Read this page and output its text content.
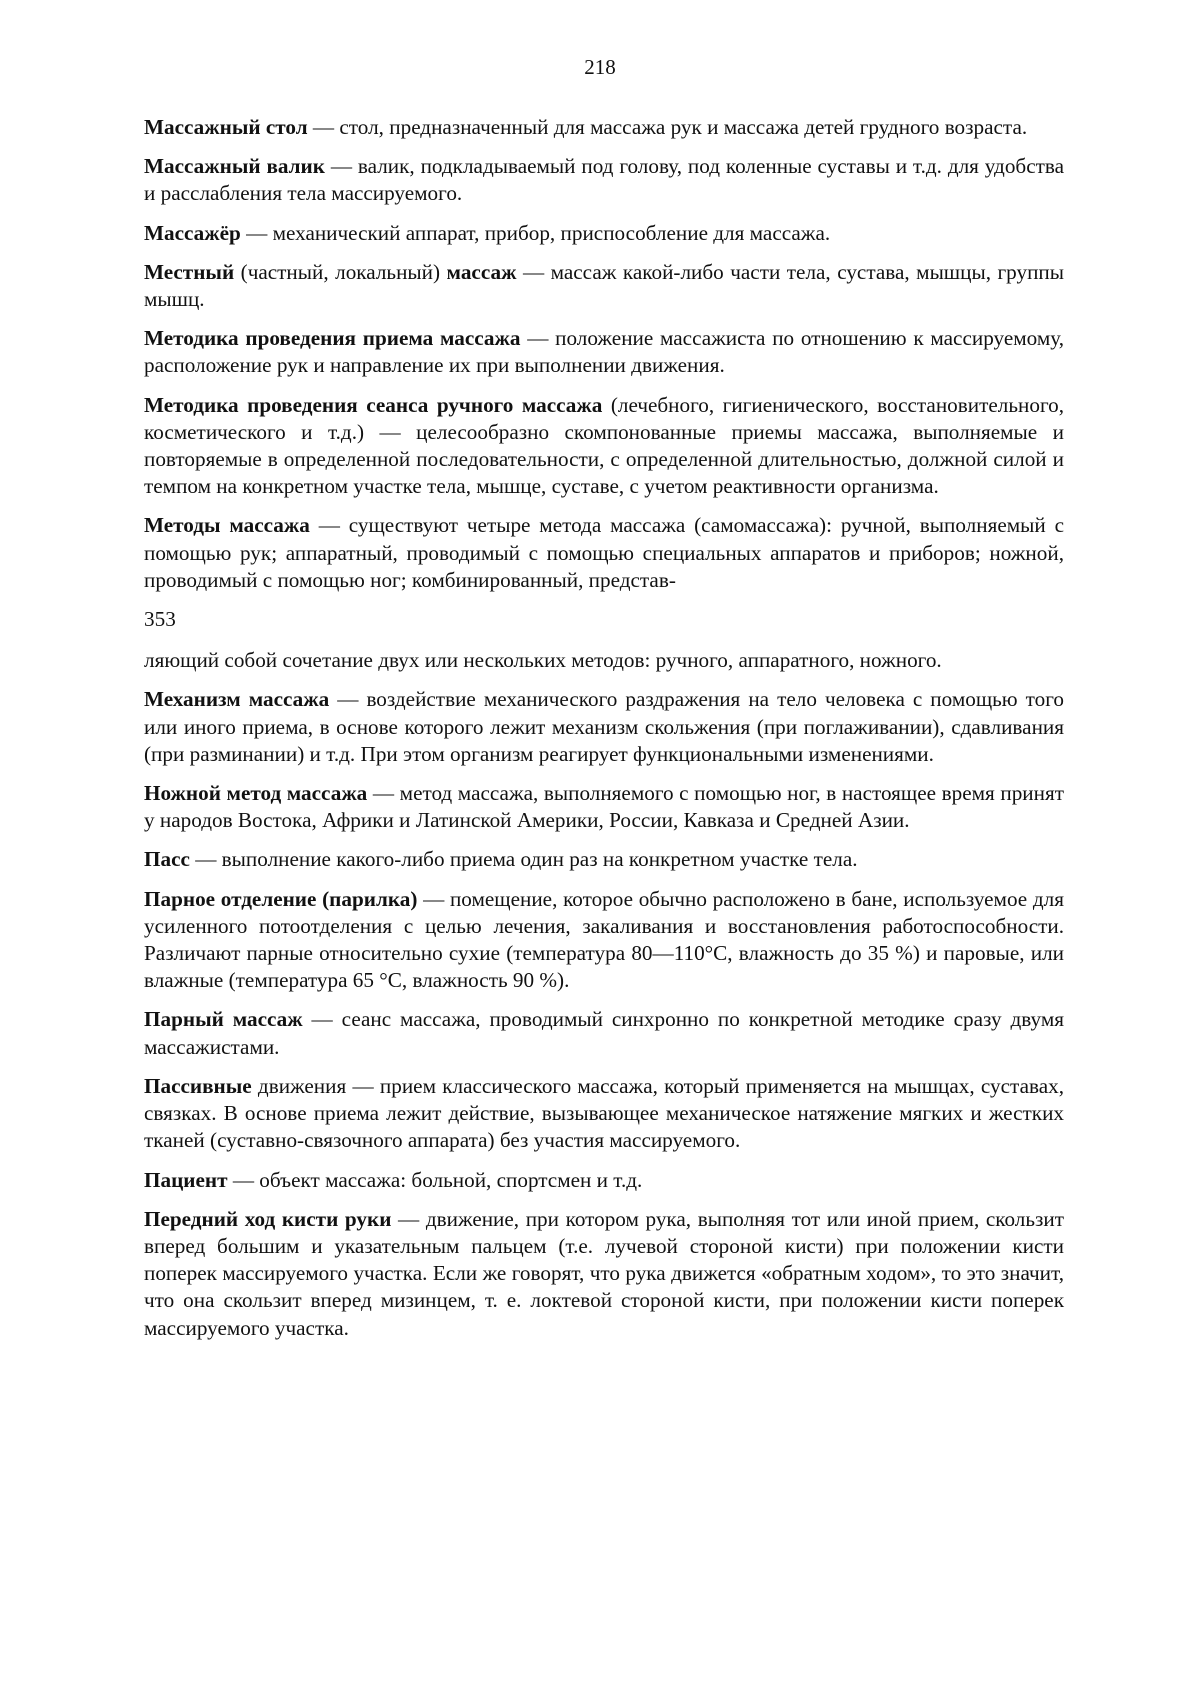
218

Массажный стол — стол, предназначенный для массажа рук и массажа детей грудного возраста.

Массажный валик — валик, подкладываемый под голову, под коленные суставы и т.д. для удобства и расслабления тела массируемого.

Массажёр — механический аппарат, прибор, приспособление для массажа.

Местный (частный, локальный) массаж — массаж какой-либо части тела, сустава, мышцы, группы мышц.

Методика проведения приема массажа — положение массажиста по отношению к массируемому, расположение рук и направление их при выполнении движения.

Методика проведения сеанса ручного массажа (лечебного, гигиенического, восстановительного, косметического и т.д.) — целесообразно скомпонованные приемы массажа, выполняемые и повторяемые в определенной последовательности, с определенной длительностью, должной силой и темпом на конкретном участке тела, мышце, суставе, с учетом реактивности организма.

Методы массажа — существуют четыре метода массажа (самомассажа): ручной, выполняемый с помощью рук; аппаратный, проводимый с помощью специальных аппаратов и приборов; ножной, проводимый с помощью ног; комбинированный, представ-

353

ляющий собой сочетание двух или нескольких методов: ручного, аппаратного, ножного.

Механизм массажа — воздействие механического раздражения на тело человека с помощью того или иного приема, в основе которого лежит механизм скольжения (при поглаживании), сдавливания (при разминании) и т.д. При этом организм реагирует функциональными изменениями.

Ножной метод массажа — метод массажа, выполняемого с помощью ног, в настоящее время принят у народов Востока, Африки и Латинской Америки, России, Кавказа и Средней Азии.

Пасс — выполнение какого-либо приема один раз на конкретном участке тела.

Парное отделение (парилка) — помещение, которое обычно расположено в бане, используемое для усиленного потоотделения с целью лечения, закаливания и восстановления работоспособности. Различают парные относительно сухие (температура 80—110°С, влажность до 35 %) и паровые, или влажные (температура 65 °С, влажность 90 %).

Парный массаж — сеанс массажа, проводимый синхронно по конкретной методике сразу двумя массажистами.

Пассивные движения — прием классического массажа, который применяется на мышцах, суставах, связках. В основе приема лежит действие, вызывающее механическое натяжение мягких и жестких тканей (суставно-связочного аппарата) без участия массируемого.

Пациент — объект массажа: больной, спортсмен и т.д.

Передний ход кисти руки — движение, при котором рука, выполняя тот или иной прием, скользит вперед большим и указательным пальцем (т.е. лучевой стороной кисти) при положении кисти поперек массируемого участка. Если же говорят, что рука движется «обратным ходом», то это значит, что она скользит вперед мизинцем, т. е. локтевой стороной кисти, при положении кисти поперек массируемого участка.
